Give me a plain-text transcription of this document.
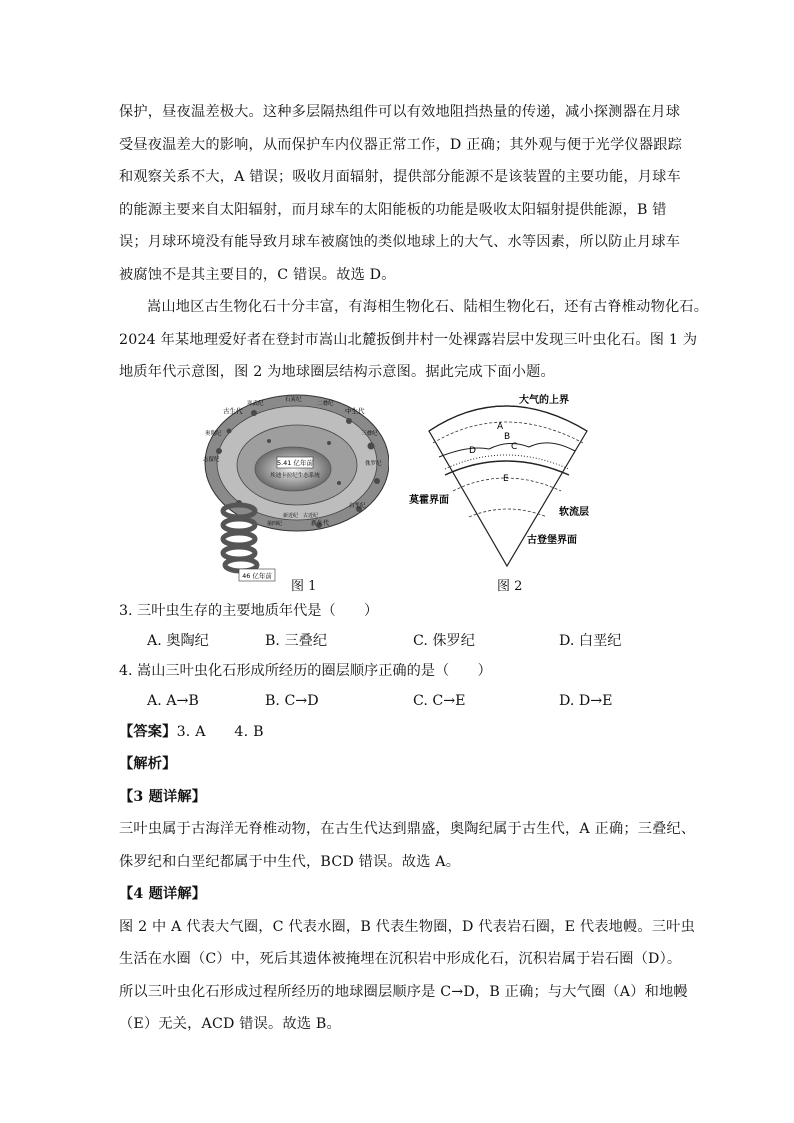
保护，昼夜温差极大。这种多层隔热组件可以有效地阻挡热量的传递，减小探测器在月球
受昼夜温差大的影响，从而保护车内仪器正常工作，D 正确；其外观与便于光学仪器跟踪
和观察关系不大，A 错误；吸收月面辐射，提供部分能源不是该装置的主要功能，月球车
的能源主要来自太阳辐射，而月球车的太阳能板的功能是吸收太阳辐射提供能源，B 错
误；月球环境没有能导致月球车被腐蚀的类似地球上的大气、水等因素，所以防止月球车
被腐蚀不是其主要目的，C 错误。故选 D。
嵩山地区古生物化石十分丰富，有海相生物化石、陆相生物化石，还有古脊椎动物化石。
2024 年某地理爱好者在登封市嵩山北麓扳倒井村一处裸露岩层中发现三叶虫化石。图 1 为
地质年代示意图，图 2 为地球圈层结构示意图。据此完成下面小题。
46 亿年前
5.41 亿年前
埃迪卡拉纪生态系统
古生代
寒武纪
奥陶纪
志留纪
石炭纪
二叠纪
中生代
三叠纪
侏罗纪
白垩纪
新生代
第四纪
新近纪 古近纪
图 1
大气的上界
A
B
C
D
E
莫霍界面
软流层
古登堡界面
图 2
3. 三叶虫生存的主要地质年代是（　　）
A. 奥陶纪	B. 三叠纪	C. 侏罗纪	D. 白垩纪
4. 嵩山三叶虫化石形成所经历的圈层顺序正确的是（　　）
A. A→B	B. C→D	C. C→E	D. D→E
【答案】3. A　　4. B
【解析】
【3 题详解】
三叶虫属于古海洋无脊椎动物，在古生代达到鼎盛，奥陶纪属于古生代，A 正确；三叠纪、
侏罗纪和白垩纪都属于中生代，BCD 错误。故选 A。
【4 题详解】
图 2 中 A 代表大气圈，C 代表水圈，B 代表生物圈，D 代表岩石圈，E 代表地幔。三叶虫
生活在水圈（C）中，死后其遗体被掩埋在沉积岩中形成化石，沉积岩属于岩石圈（D）。
所以三叶虫化石形成过程所经历的地球圈层顺序是 C→D，B 正确；与大气圈（A）和地幔
（E）无关，ACD 错误。故选 B。
